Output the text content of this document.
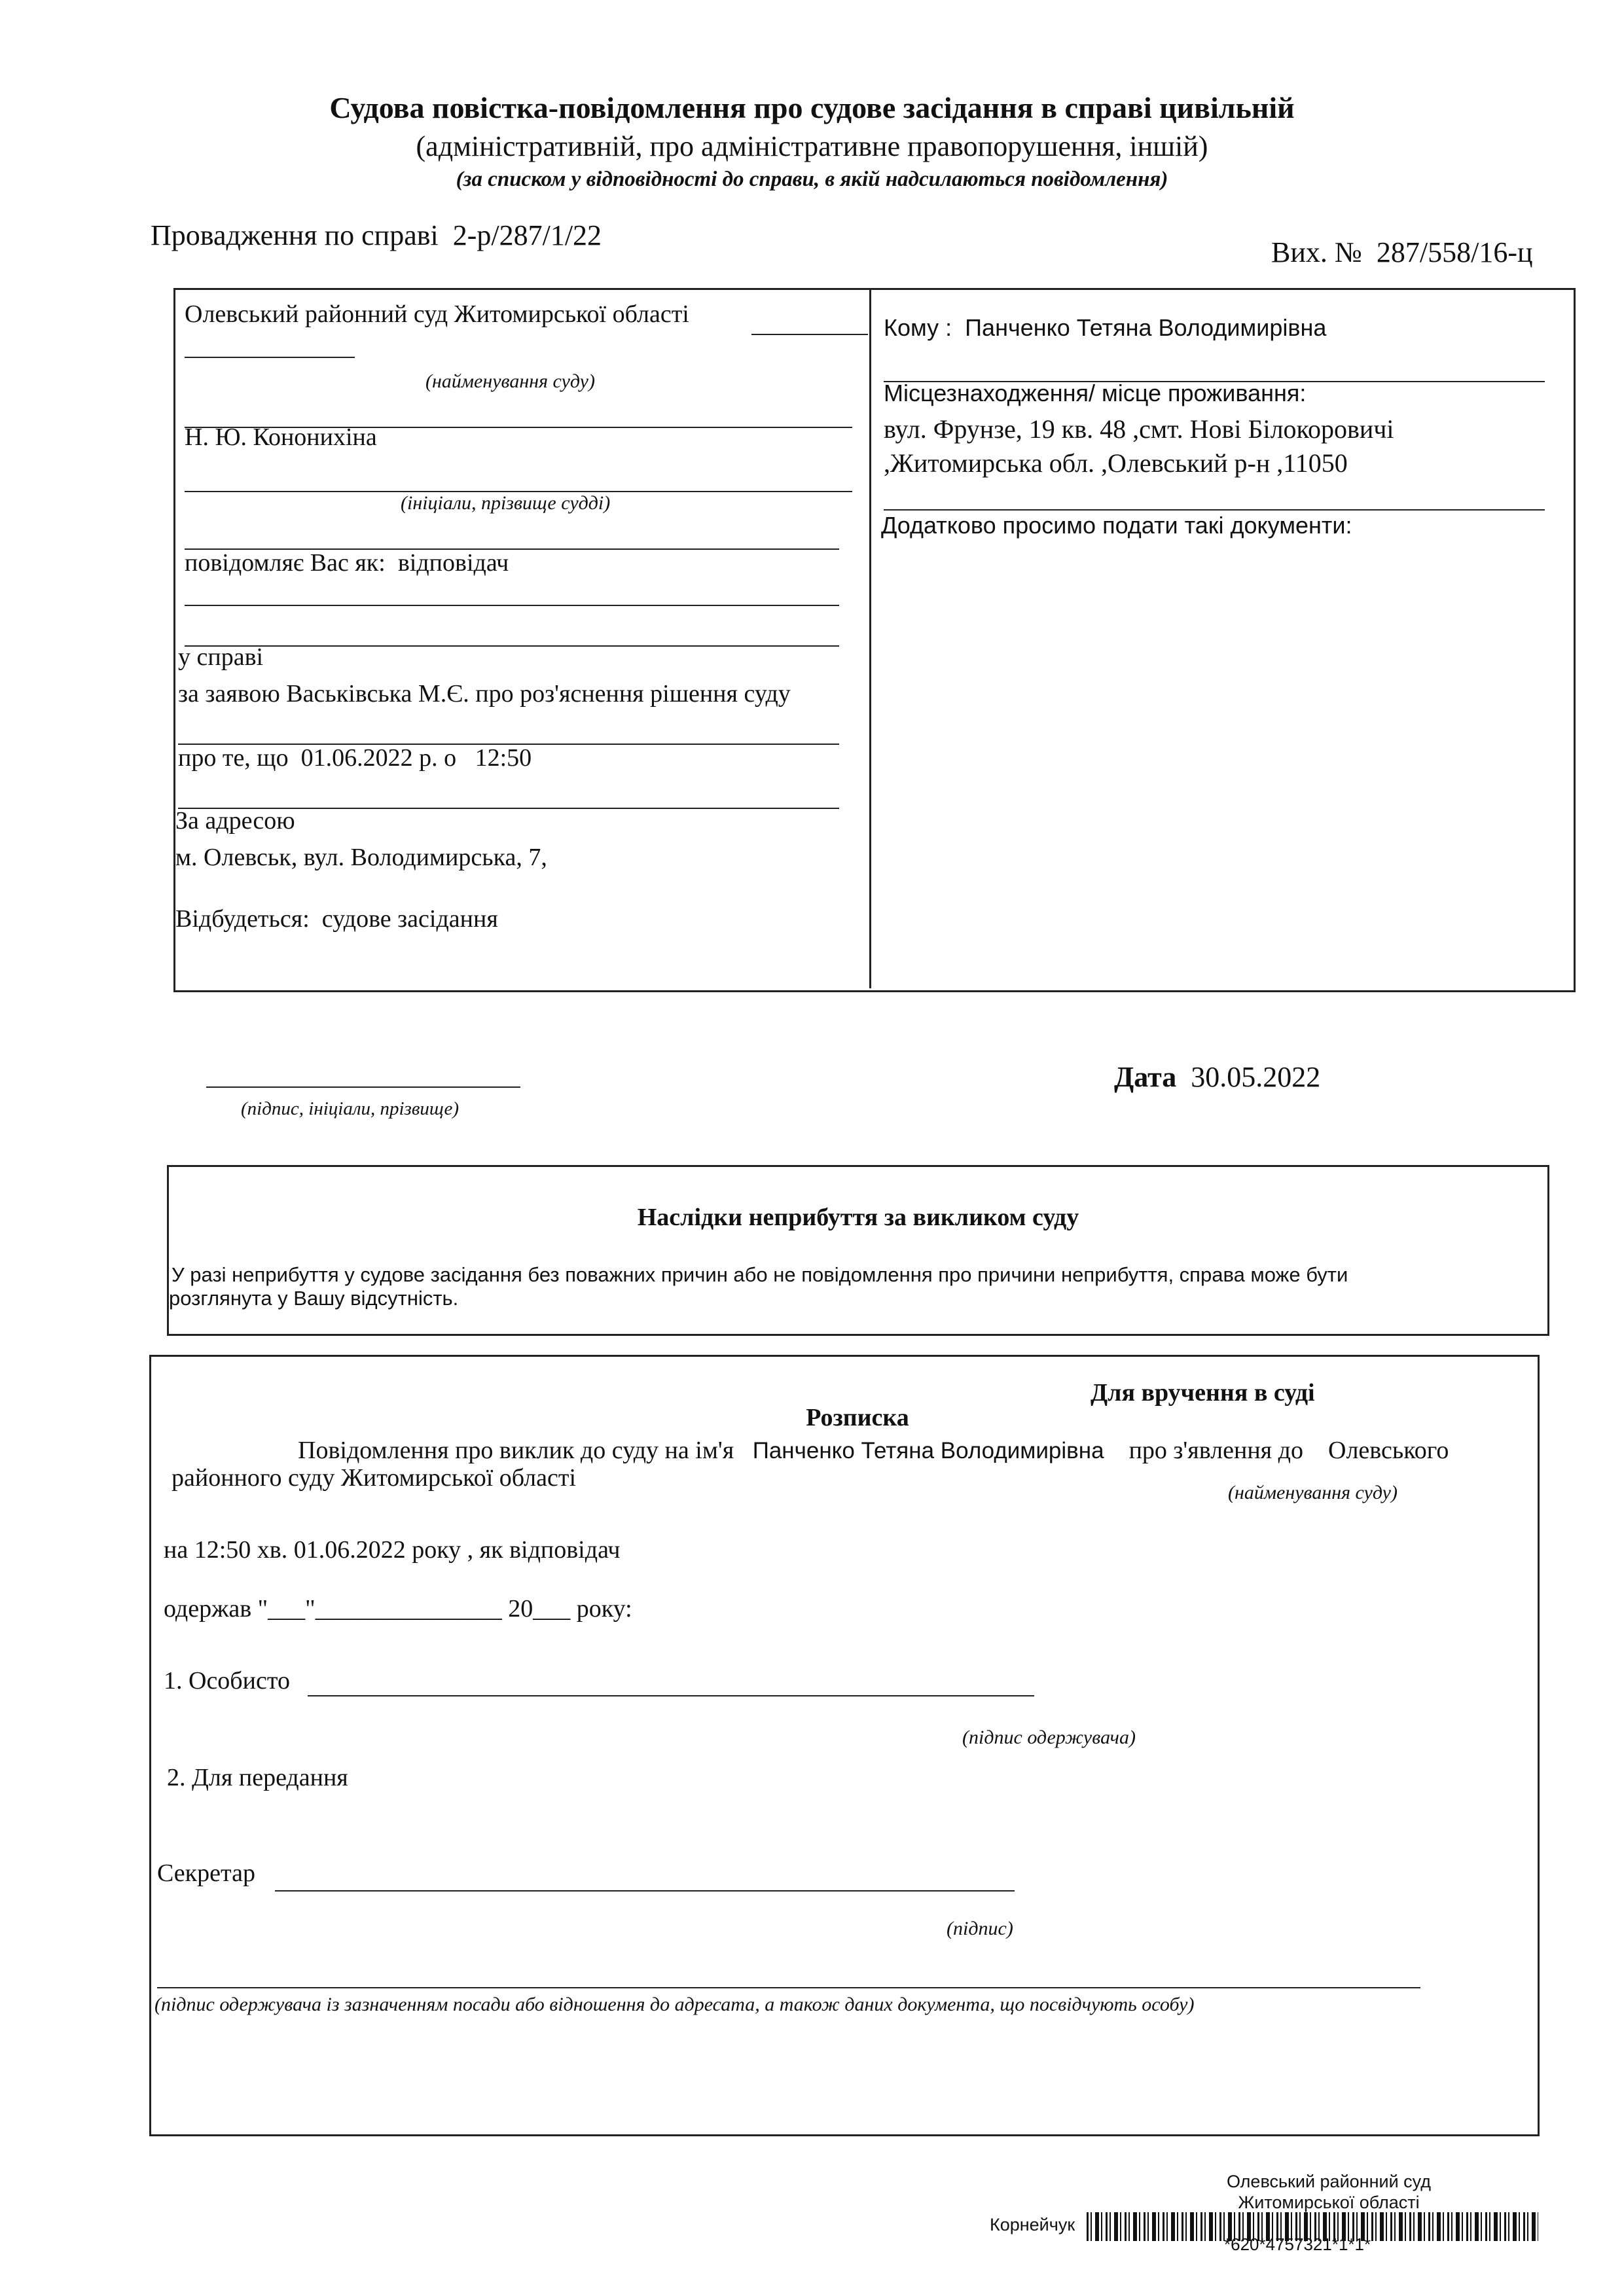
Судова повістка-повідомлення про судове засідання в справі цивільній
(адміністративній, про адміністративне правопорушення, іншій)
(за списком у відповідності до справи, в якій надсилаються повідомлення)
Провадження по справі 2-р/287/1/22
Вих. № 287/558/16-ц
Олевський районний суд Житомирської області
(найменування суду)
Н. Ю. Кононихіна
(ініціали, прізвище судді)
повідомляє Вас як: відповідач
у справі
за заявою Васьківська М.Є. про роз'яснення рішення суду
про те, що 01.06.2022 р. о 12:50
За адресою
м. Олевськ, вул. Володимирська, 7,
Відбудеться: судове засідання
Кому : Панченко Тетяна Володимирівна
Місцезнаходження/ місце проживання:
вул. Фрунзе, 19 кв. 48 ,смт. Нові Білокоровичі
,Житомирська обл. ,Олевський р-н ,11050
Додатково просимо подати такі документи:
(підпис, ініціали, прізвище)
Дата 30.05.2022
Наслідки неприбуття за викликом суду
У разі неприбуття у судове засідання без поважних причин або не повідомлення про причини неприбуття, справа може бути
розглянута у Вашу відсутність.
Для вручення в суді
Розписка
Повідомлення про виклик до суду на ім'я Панченко Тетяна Володимирівна про з'явлення до Олевського
районного суду Житомирської області
(найменування суду)
на 12:50 хв. 01.06.2022 року , як відповідач
одержав "___"_______________ 20___ року:
1. Особисто
(підпис одержувача)
2. Для передання
Секретар
(підпис)
(підпис одержувача із зазначенням посади або відношення до адресата, а також даних документа, що посвідчують особу)
Олевський районний суд
Житомирської області
Корнейчук
*620*4757321*1*1*
